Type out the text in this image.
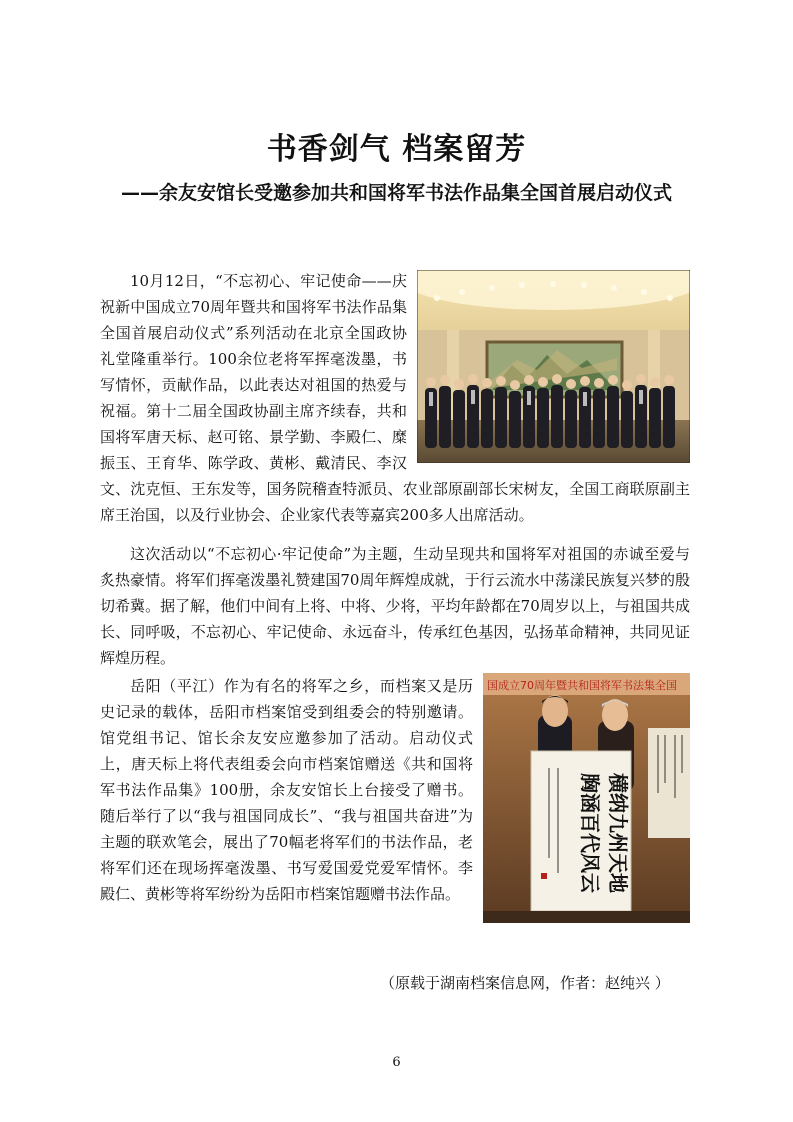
书香剑气 档案留芳
——余友安馆长受邀参加共和国将军书法作品集全国首展启动仪式
10月12日，“不忘初心、牢记使命——庆祝新中国成立70周年暨共和国将军书法作品集全国首展启动仪式”系列活动在北京全国政协礼堂隆重举行。100余位老将军挥毫泼墨，书写情怀，贡献作品，以此表达对祖国的热爱与祝福。第十二届全国政协副主席齐续春，共和国将军唐天标、赵可铭、景学勤、李殿仁、糜振玉、王育华、陈学政、黄彬、戴清民、李汉文、沈克恒、王东发等，国务院稽查特派员、农业部原副部长宋树友，全国工商联原副主席王治国，以及行业协会、企业家代表等嘉宾200多人出席活动。

这次活动以“不忘初心·牢记使命”为主题，生动呈现共和国将军对祖国的赤诚至爱与炙热豪情。将军们挥毫泼墨礼赞建国70周年辉煌成就，于行云流水中荡漾民族复兴梦的殷切希冀。据了解，他们中间有上将、中将、少将，平均年龄都在70周岁以上，与祖国共成长、同呼吸，不忘初心、牢记使命、永远奋斗，传承红色基因，弘扬革命精神，共同见证辉煌历程。

国成立70周年暨共和国将军书法集全国
横纳九州天地
胸涵百代风云
岳阳（平江）作为有名的将军之乡，而档案又是历史记录的载体，岳阳市档案馆受到组委会的特别邀请。馆党组书记、馆长余友安应邀参加了活动。启动仪式上，唐天标上将代表组委会向市档案馆赠送《共和国将军书法作品集》100册，余友安馆长上台接受了赠书。随后举行了以“我与祖国同成长”、“我与祖国共奋进”为主题的联欢笔会，展出了70幅老将军们的书法作品，老将军们还在现场挥毫泼墨、书写爱国爱党爱军情怀。李殿仁、黄彬等将军纷纷为岳阳市档案馆题赠书法作品。

（原载于湖南档案信息网，作者：赵纯兴 ）

6
